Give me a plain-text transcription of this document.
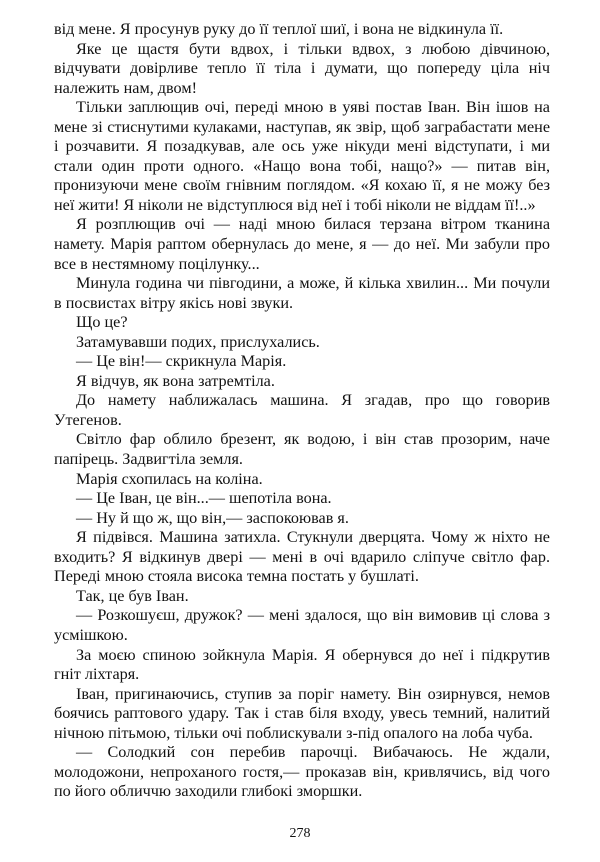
від мене. Я просунув руку до її теплої шиї, і вона не відкинула її.

Яке це щастя бути вдвох, і тільки вдвох, з любою дівчиною, відчувати довірливе тепло її тіла і думати, що попереду ціла ніч належить нам, двом!

Тільки заплющив очі, переді мною в уяві постав Іван. Він ішов на мене зі стиснутими кулаками, наступав, як звір, щоб заграбастати мене і розчавити. Я позадкував, але ось уже нікуди мені відступати, і ми стали один проти одного. «Нащо вона тобі, нащо?» — питав він, пронизуючи мене своїм гнівним поглядом. «Я кохаю її, я не можу без неї жити! Я ніколи не відступлюся від неї і тобі ніколи не віддам її!..»

Я розплющив очі — наді мною билася терзана вітром тканина намету. Марія раптом обернулась до мене, я — до неї. Ми забули про все в нестямному поцілунку...

Минула година чи півгодини, а може, й кілька хвилин... Ми почули в посвистах вітру якісь нові звуки.

Що це?

Затамувавши подих, прислухались.

— Це він!— скрикнула Марія.

Я відчув, як вона затремтіла.

До намету наближалась машина. Я згадав, про що говорив Утегенов.

Світло фар облило брезент, як водою, і він став прозорим, наче папірець. Задвигтіла земля.

Марія схопилась на коліна.

— Це Іван, це він...— шепотіла вона.

— Ну й що ж, що він,— заспокоював я.

Я підвівся. Машина затихла. Стукнули дверцята. Чому ж ніхто не входить? Я відкинув двері — мені в очі вдарило сліпуче світло фар. Переді мною стояла висока темна постать у бушлаті.

Так, це був Іван.

— Розкошуєш, дружок? — мені здалося, що він вимовив ці слова з усмішкою.

За моєю спиною зойкнула Марія. Я обернувся до неї і підкрутив гніт ліхтаря.

Іван, пригинаючись, ступив за поріг намету. Він озирнувся, немов боячись раптового удару. Так і став біля входу, увесь темний, налитий нічною пітьмою, тільки очі поблискували з-під опалого на лоба чуба.

— Солодкий сон перебив парочці. Вибачаюсь. Не ждали, молодожони, непроханого гостя,— проказав він, кривлячись, від чого по його обличчю заходили глибокі зморшки.

278
